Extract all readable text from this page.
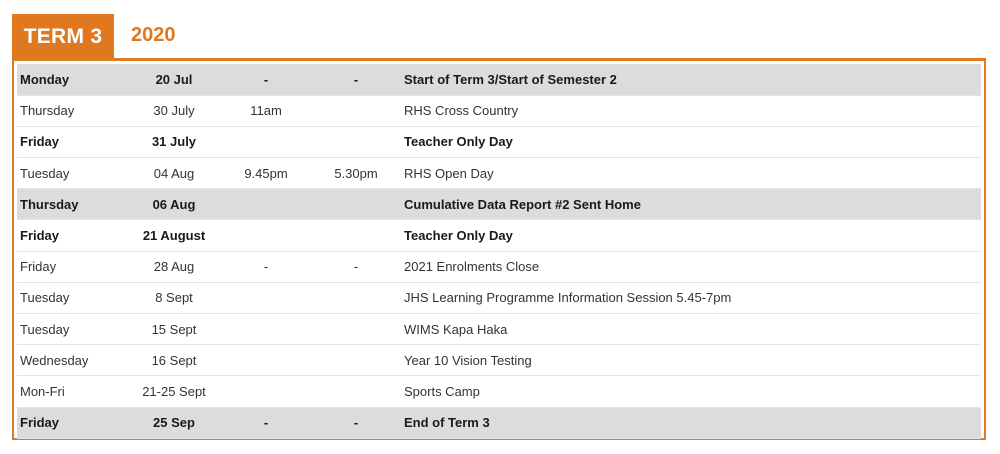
TERM 3 2020
Monday	20 Jul	-	-	Start of Term 3/Start of Semester 2
Thursday	30 July	11am		RHS Cross Country
Friday	31 July			Teacher Only Day
Tuesday	04 Aug	9.45pm	5.30pm	RHS Open Day
Thursday	06 Aug			Cumulative Data Report #2 Sent Home
Friday	21 August			Teacher Only Day
Friday	28 Aug	-	-	2021 Enrolments Close
Tuesday	8 Sept			JHS Learning Programme Information Session 5.45-7pm
Tuesday	15 Sept			WIMS Kapa Haka
Wednesday	16 Sept			Year 10 Vision Testing
Mon-Fri	21-25 Sept			Sports Camp
Friday	25 Sep	-	-	End of Term 3
